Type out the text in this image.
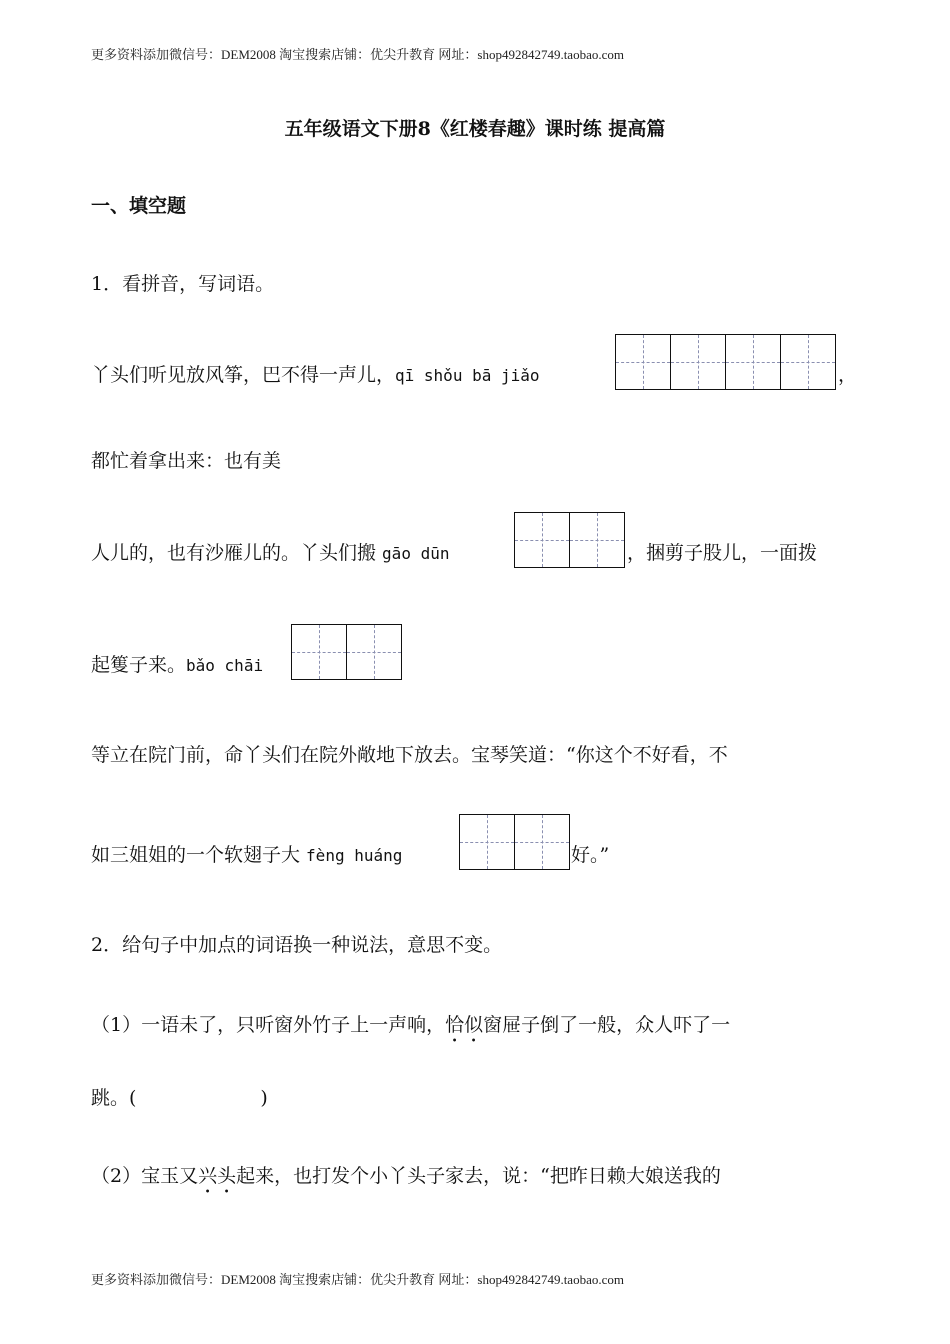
更多资料添加微信号：DEM2008 淘宝搜索店铺：优尖升教育 网址：shop492842749.taobao.com
五年级语文下册8《红楼春趣》课时练 提高篇
一、填空题
1．看拼音，写词语。
丫头们听见放风筝，巴不得一声儿，qī shǒu bā jiǎo	，
都忙着拿出来：也有美
人儿的，也有沙雁儿的。丫头们搬 gāo dūn	，捆剪子股儿，一面拨
起篗子来。bǎo chāi
等立在院门前，命丫头们在院外敞地下放去。宝琴笑道：“你这个不好看，不
如三姐姐的一个软翅子大 fèng huáng	好。”
2．给句子中加点的词语换一种说法，意思不变。
（1）一语未了，只听窗外竹子上一声响，恰似窗屉子倒了一般，众人吓了一
跳。(	)
（2）宝玉又兴头起来，也打发个小丫头子家去，说：“把昨日赖大娘送我的
更多资料添加微信号：DEM2008 淘宝搜索店铺：优尖升教育 网址：shop492842749.taobao.com
